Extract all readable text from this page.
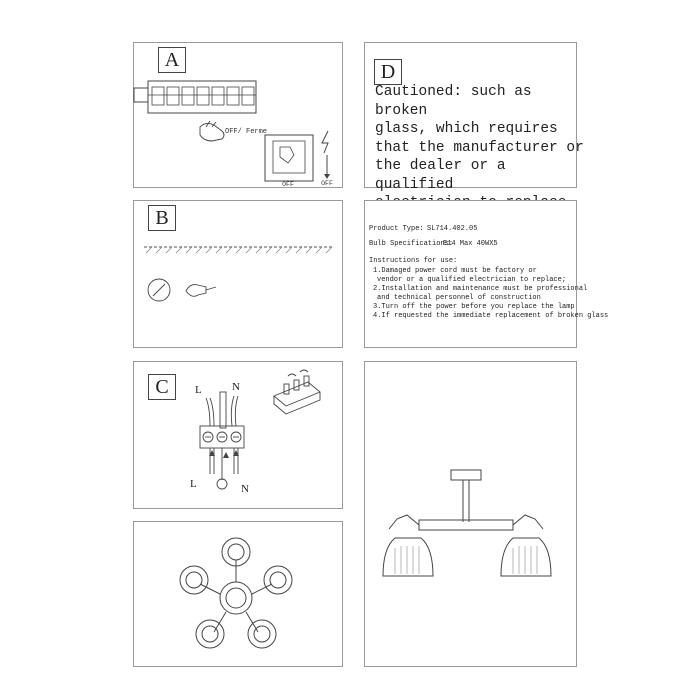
A
OFF/ Ferme
OFF	OFF
D
Cautioned: such as broken
glass, which requires
that the manufacturer or
the dealer or a qualified
B	Product Type: SL714.402.05
Bulb Specifications:
E14 Max 40WX5
Instructions for use:
1.Damaged power cord must be factory or
vendor or a qualified electrician to replace;
2.Installation and maintenance must be professional
and technical personnel of construction
3.Turn off the power before you replace the lamp
4.If requested the immediate replacement of broken glass
C	L	N
L	N
